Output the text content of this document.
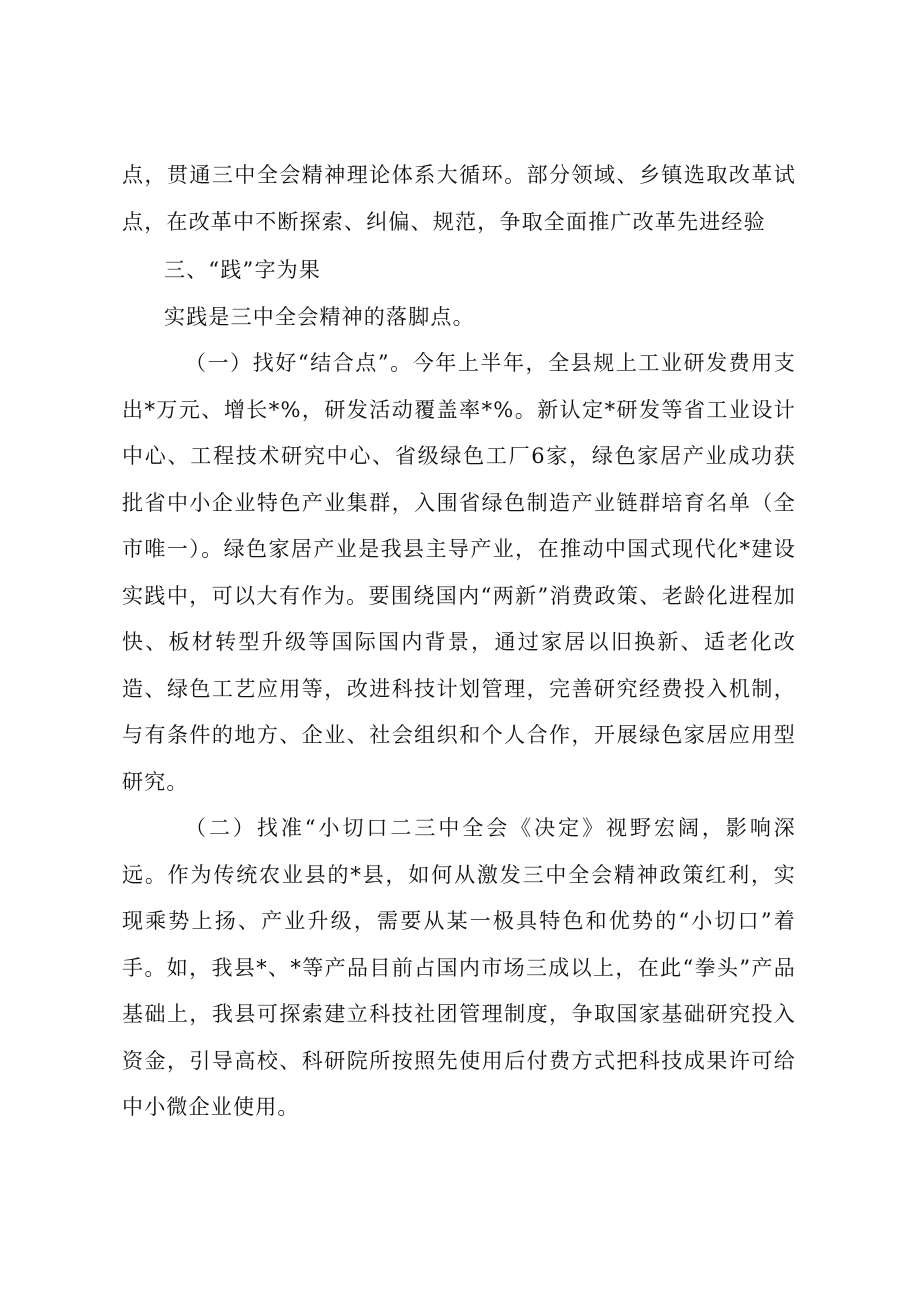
点，贯通三中全会精神理论体系大循环。部分领域、乡镇选取改革试点，在改革中不断探索、纠偏、规范，争取全面推广改革先进经验

三、“践”字为果

实践是三中全会精神的落脚点。

（一）找好“结合点”。今年上半年，全县规上工业研发费用支出*万元、增长*%，研发活动覆盖率*%。新认定*研发等省工业设计中心、工程技术研究中心、省级绿色工厂6家，绿色家居产业成功获批省中小企业特色产业集群，入围省绿色制造产业链群培育名单（全市唯一）。绿色家居产业是我县主导产业，在推动中国式现代化*建设实践中，可以大有作为。要围绕国内“两新”消费政策、老龄化进程加快、板材转型升级等国际国内背景，通过家居以旧换新、适老化改造、绿色工艺应用等，改进科技计划管理，完善研究经费投入机制，与有条件的地方、企业、社会组织和个人合作，开展绿色家居应用型研究。

（二）找准“小切口二三中全会《决定》视野宏阔，影响深远。作为传统农业县的*县，如何从激发三中全会精神政策红利，实现乘势上扬、产业升级，需要从某一极具特色和优势的“小切口”着手。如，我县*、*等产品目前占国内市场三成以上，在此“拳头”产品基础上，我县可探索建立科技社团管理制度，争取国家基础研究投入资金，引导高校、科研院所按照先使用后付费方式把科技成果许可给中小微企业使用。
